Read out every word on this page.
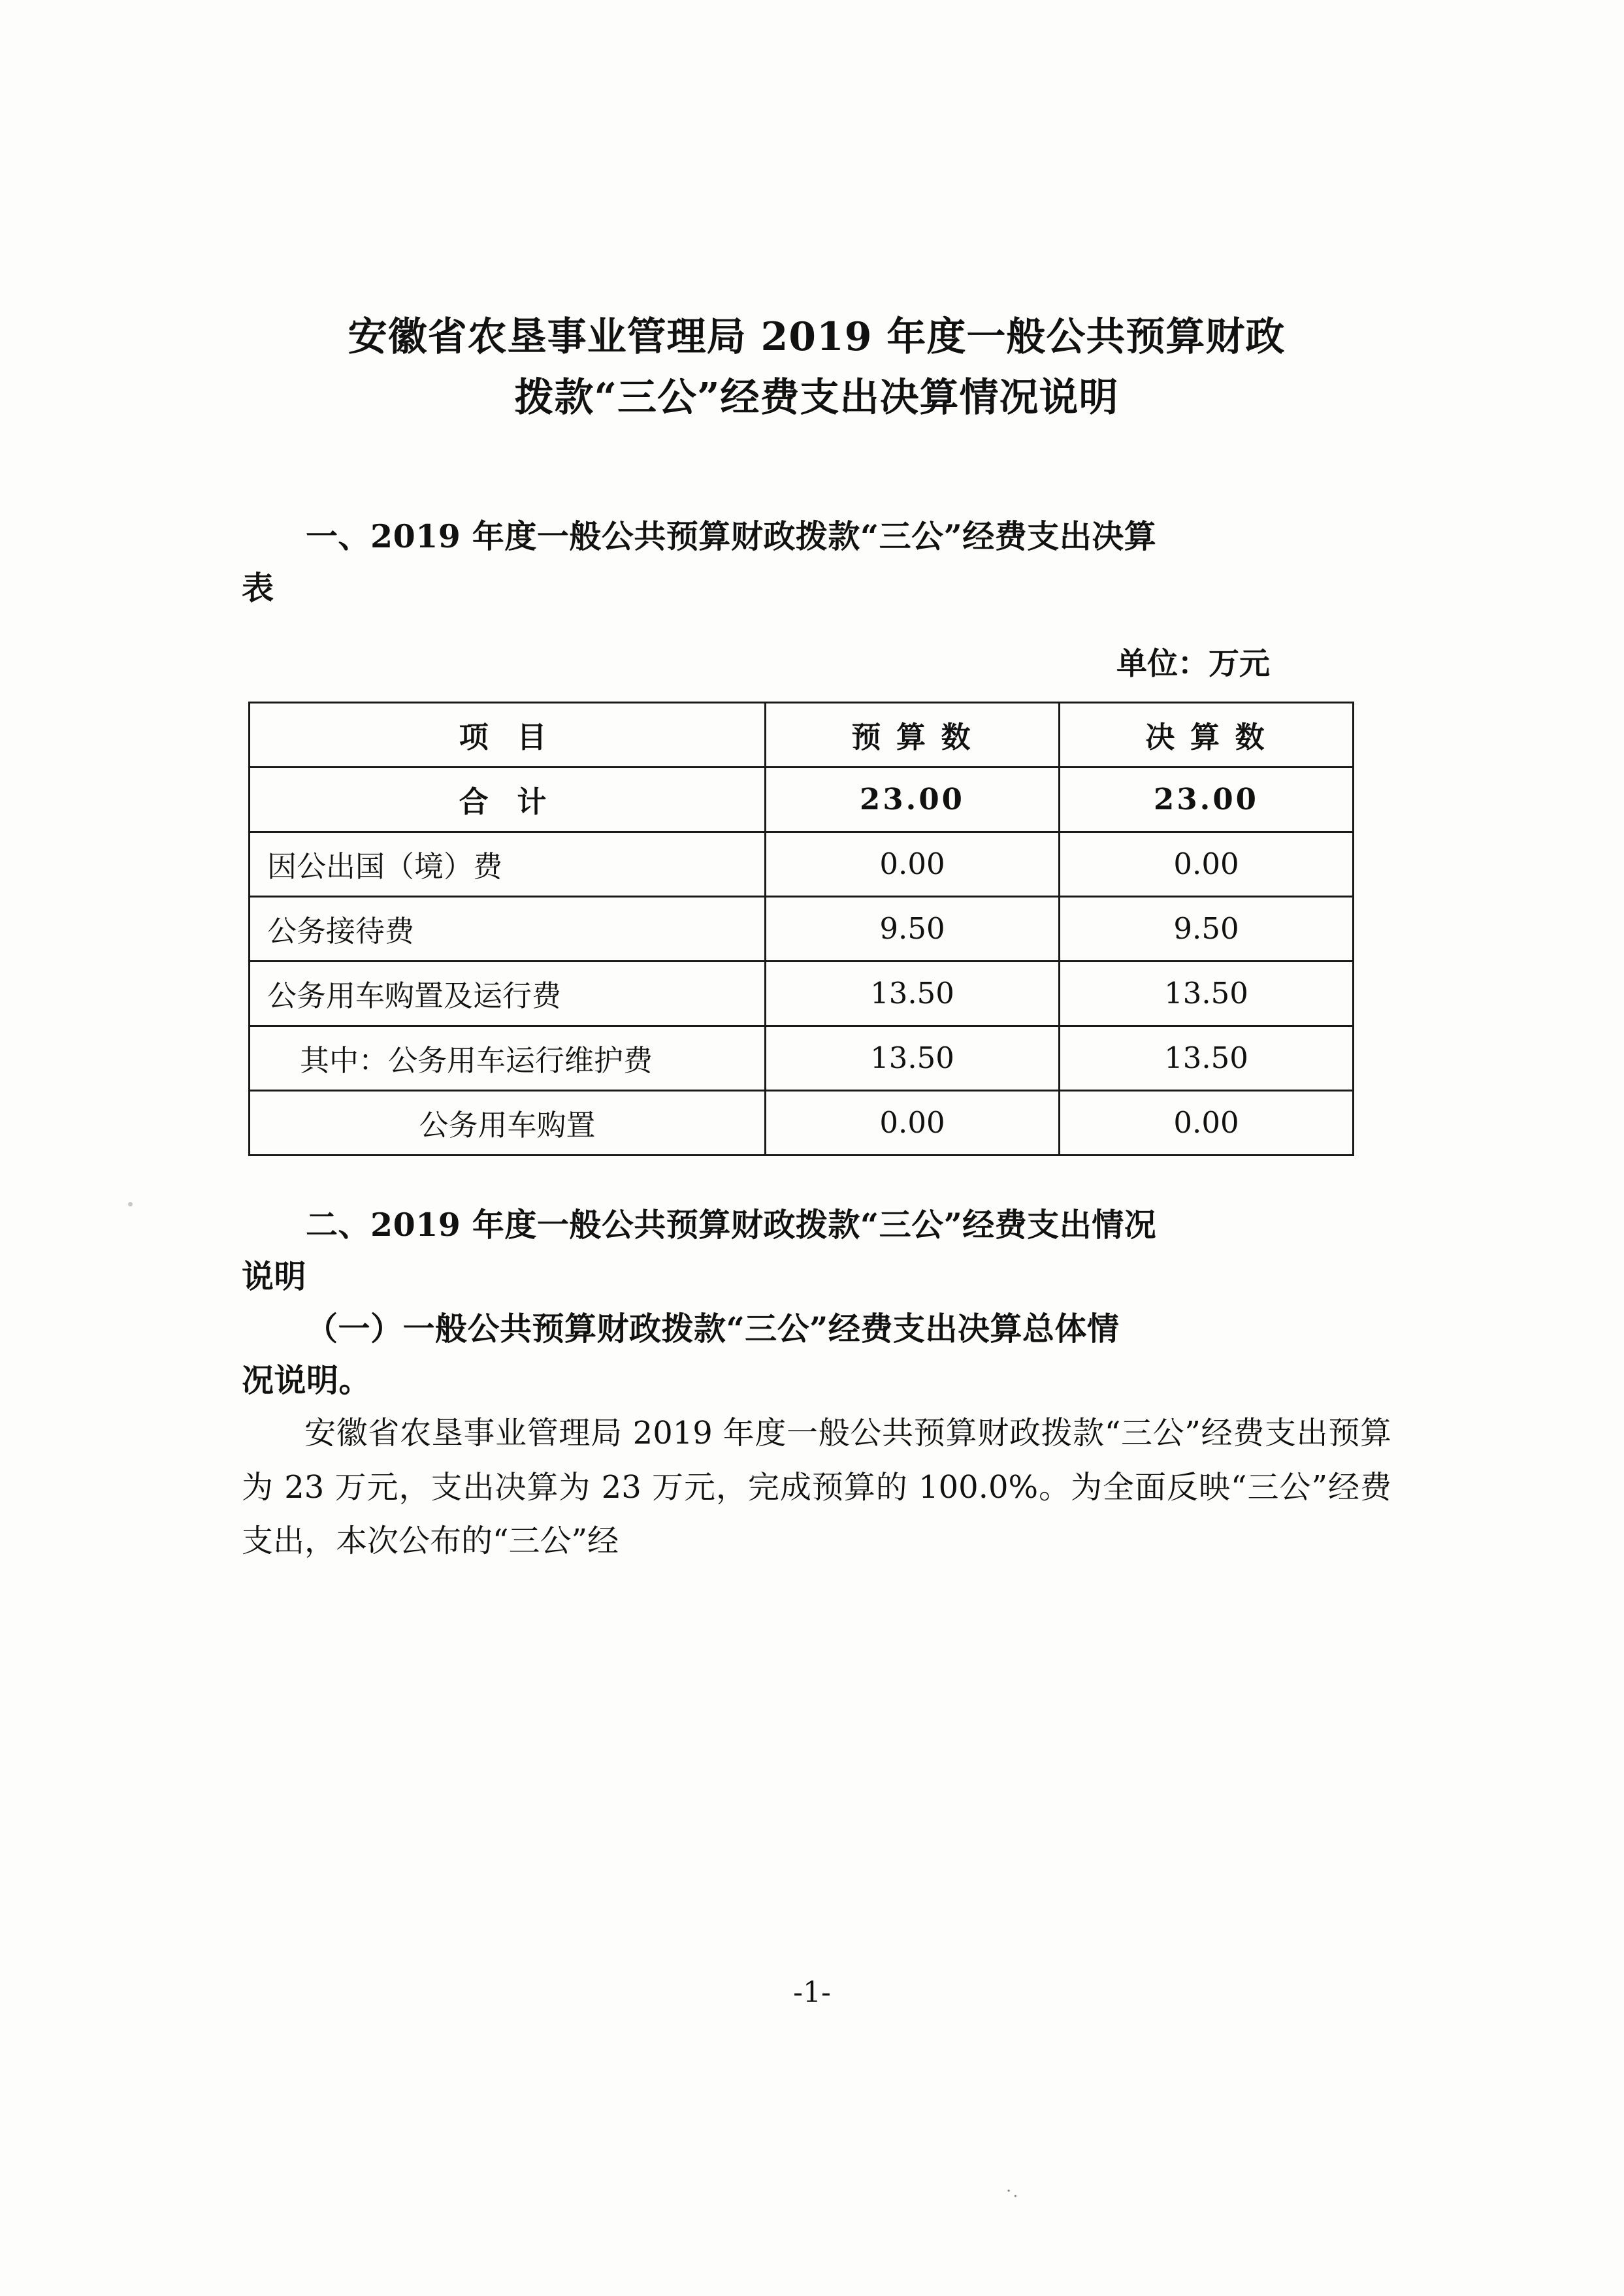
安徽省农垦事业管理局 2019 年度一般公共预算财政
拨款“三公”经费支出决算情况说明

一、2019 年度一般公共预算财政拨款“三公”经费支出决算

表

单位：万元

项 目	预 算 数	决 算 数
合 计	23.00	23.00
因公出国（境）费	0.00	0.00
公务接待费	9.50	9.50
公务用车购置及运行费	13.50	13.50
其中：公务用车运行维护费	13.50	13.50
公务用车购置	0.00	0.00

二、2019 年度一般公共预算财政拨款“三公”经费支出情况

说明

（一）一般公共预算财政拨款“三公”经费支出决算总体情

况说明。

安徽省农垦事业管理局 2019 年度一般公共预算财政拨款“三公”经费支出预算为 23 万元，支出决算为 23 万元，完成预算的 100.0%。为全面反映“三公”经费支出，本次公布的“三公”经

-1-
·.
